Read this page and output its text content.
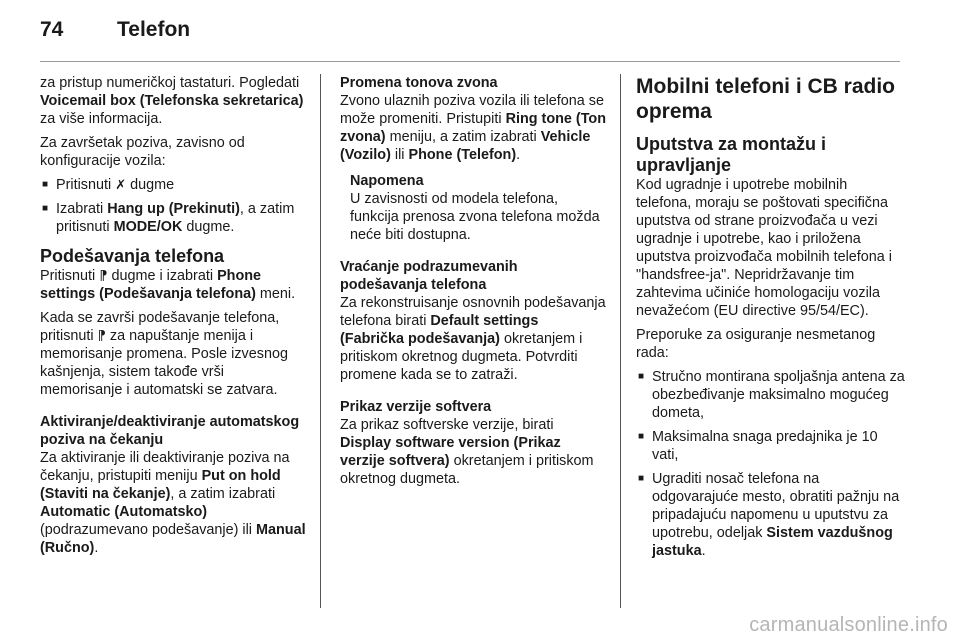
74	Telefon

za pristup numeričkoj tastaturi. Pogledati Voicemail box (Telefonska sekretarica) za više informacija.

Za završetak poziva, zavisno od konfiguracije vozila:

■ Pritisnuti ✗ dugme
■ Izabrati Hang up (Prekinuti), a zatim pritisnuti MODE/OK dugme.
Podešavanja telefona

Pritisnuti ⁋ dugme i izabrati Phone settings (Podešavanja telefona) meni.

Kada se završi podešavanje telefona, pritisnuti ⁋ za napuštanje menija i memorisanje promena. Posle izvesnog kašnjenja, sistem takođe vrši memorisanje i automatski se zatvara.

Aktiviranje/deaktiviranje automatskog poziva na čekanju

Za aktiviranje ili deaktiviranje poziva na čekanju, pristupiti meniju Put on hold (Staviti na čekanje), a zatim izabrati Automatic (Automatsko) (podrazumevano podešavanje) ili Manual (Ručno).

Promena tonova zvona

Zvono ulaznih poziva vozila ili telefona se može promeniti. Pristupiti Ring tone (Ton zvona) meniju, a zatim izabrati Vehicle (Vozilo) ili Phone (Telefon).

Napomena
U zavisnosti od modela telefona, funkcija prenosa zvona telefona možda neće biti dostupna.
Vraćanje podrazumevanih podešavanja telefona

Za rekonstruisanje osnovnih podešavanja telefona birati Default settings (Fabrička podešavanja) okretanjem i pritiskom okretnog dugmeta. Potvrditi promene kada se to zatraži.

Prikaz verzije softvera

Za prikaz softverske verzije, birati Display software version (Prikaz verzije softvera) okretanjem i pritiskom okretnog dugmeta.

Mobilni telefoni i CB radio oprema
Uputstva za montažu i upravljanje

Kod ugradnje i upotrebe mobilnih telefona, moraju se poštovati specifična uputstva od strane proizvođača u vezi ugradnje i upotrebe, kao i priložena uputstva proizvođača mobilnih telefona i "handsfree-ja". Nepridržavanje tim zahtevima učiniće homologaciju vozila nevažećom (EU directive 95/54/EC).

Preporuke za osiguranje nesmetanog rada:

■ Stručno montirana spoljašnja antena za obezbeđivanje maksimalno mogućeg dometa,
■ Maksimalna snaga predajnika je 10 vati,
■ Ugraditi nosač telefona na odgovarajuće mesto, obratiti pažnju na pripadajuću napomenu u uputstvu za upotrebu, odeljak Sistem vazdušnog jastuka.
carmanualsonline.info
